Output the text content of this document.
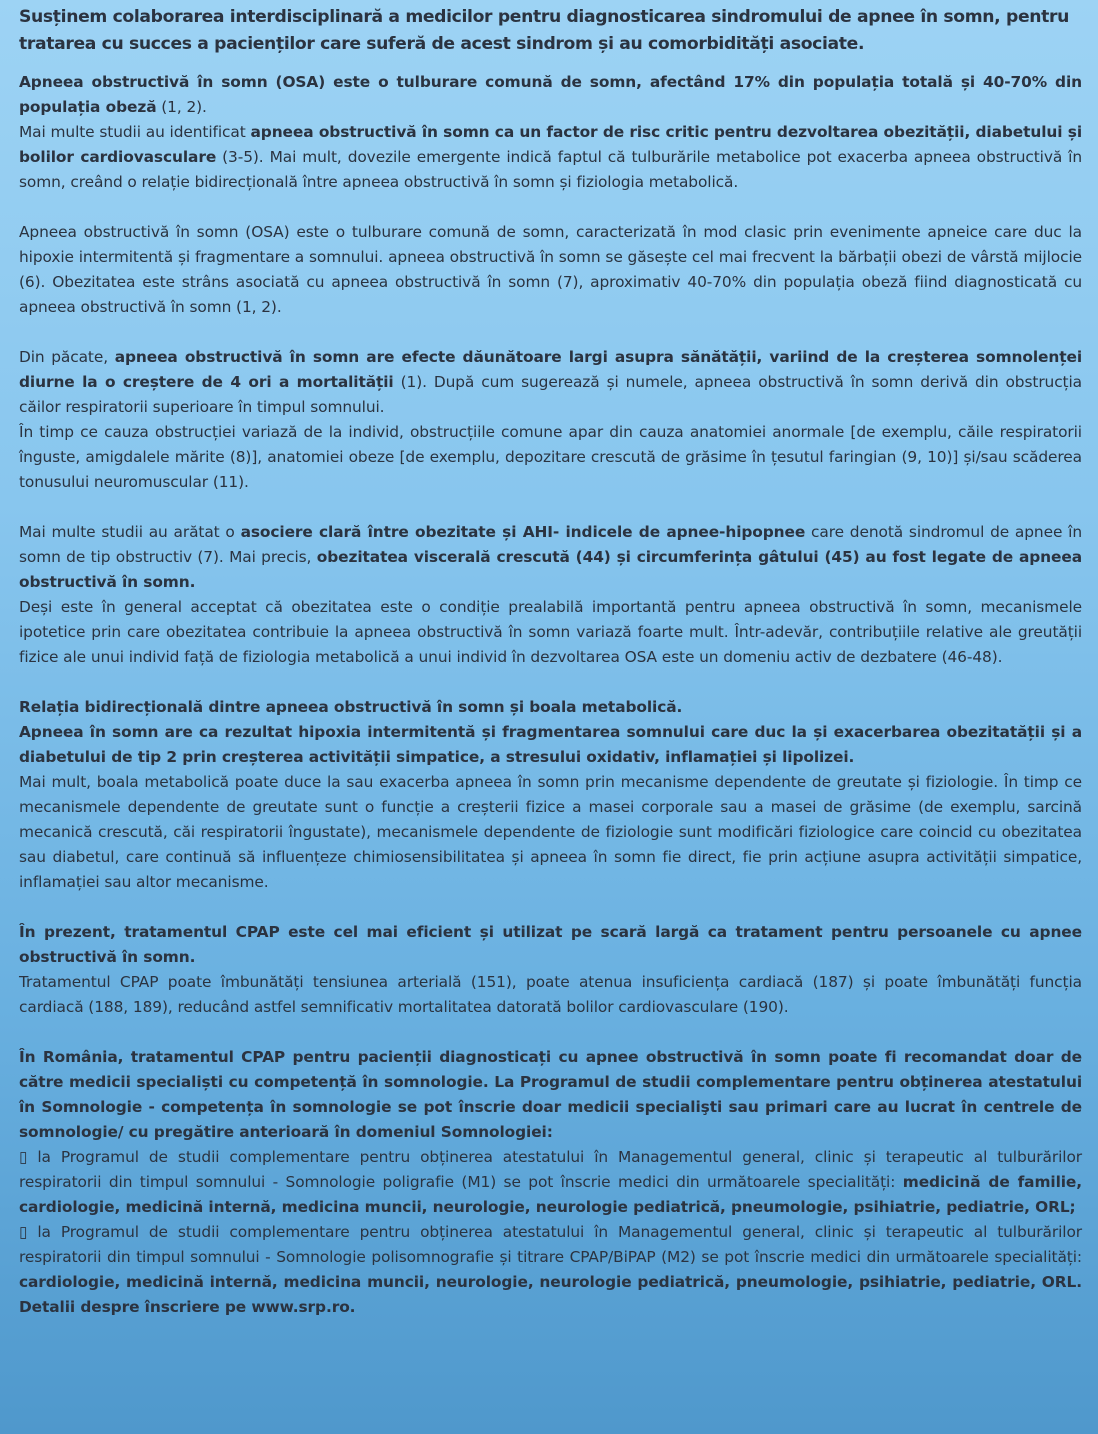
Susținem colaborarea interdisciplinară a medicilor pentru diagnosticarea sindromului de apnee în somn, pentru tratarea cu succes a pacienților care suferă de acest sindrom și au comorbidități asociate.

Apneea obstructivă în somn (OSA) este o tulburare comună de somn, afectând 17% din populația totală și 40-70% din populația obeză (1, 2).
Mai multe studii au identificat apneea obstructivă în somn ca un factor de risc critic pentru dezvoltarea obezității, diabetului și bolilor cardiovasculare (3-5). Mai mult, dovezile emergente indică faptul că tulburările metabolice pot exacerba apneea obstructivă în somn, creând o relație bidirecțională între apneea obstructivă în somn și fiziologia metabolică.

Apneea obstructivă în somn (OSA) este o tulburare comună de somn, caracterizată în mod clasic prin evenimente apneice care duc la hipoxie intermitentă și fragmentare a somnului. apneea obstructivă în somn se găsește cel mai frecvent la bărbații obezi de vârstă mijlocie (6). Obezitatea este strâns asociată cu apneea obstructivă în somn (7), aproximativ 40-70% din populația obeză fiind diagnosticată cu apneea obstructivă în somn (1, 2).

Din păcate, apneea obstructivă în somn are efecte dăunătoare largi asupra sănătății, variind de la creșterea somnolenței diurne la o creștere de 4 ori a mortalității (1). După cum sugerează și numele, apneea obstructivă în somn derivă din obstrucția căilor respiratorii superioare în timpul somnului.
În timp ce cauza obstrucției variază de la individ, obstrucțiile comune apar din cauza anatomiei anormale [de exemplu, căile respiratorii înguste, amigdalele mărite (8)], anatomiei obeze [de exemplu, depozitare crescută de grăsime în țesutul faringian (9, 10)] și/sau scăderea tonusului neuromuscular (11).

Mai multe studii au arătat o asociere clară între obezitate și AHI- indicele de apnee-hipopnee care denotă sindromul de apnee în somn de tip obstructiv (7). Mai precis, obezitatea viscerală crescută (44) și circumferința gâtului (45) au fost legate de apneea obstructivă în somn.
Deși este în general acceptat că obezitatea este o condiție prealabilă importantă pentru apneea obstructivă în somn, mecanismele ipotetice prin care obezitatea contribuie la apneea obstructivă în somn variază foarte mult. Într-adevăr, contribuțiile relative ale greutății fizice ale unui individ față de fiziologia metabolică a unui individ în dezvoltarea OSA este un domeniu activ de dezbatere (46-48).

Relația bidirecțională dintre apneea obstructivă în somn și boala metabolică.
Apneea în somn are ca rezultat hipoxia intermitentă și fragmentarea somnului care duc la și exacerbarea obezitatății și a diabetului de tip 2 prin creșterea activității simpatice, a stresului oxidativ, inflamației și lipolizei.
Mai mult, boala metabolică poate duce la sau exacerba apneea în somn prin mecanisme dependente de greutate și fiziologie. În timp ce mecanismele dependente de greutate sunt o funcție a creșterii fizice a masei corporale sau a masei de grăsime (de exemplu, sarcină mecanică crescută, căi respiratorii îngustate), mecanismele dependente de fiziologie sunt modificări fiziologice care coincid cu obezitatea sau diabetul, care continuă să influențeze chimiosensibilitatea și apneea în somn fie direct, fie prin acțiune asupra activității simpatice, inflamației sau altor mecanisme.

În prezent, tratamentul CPAP este cel mai eficient și utilizat pe scară largă ca tratament pentru persoanele cu apnee obstructivă în somn.
Tratamentul CPAP poate îmbunătăți tensiunea arterială (151), poate atenua insuficiența cardiacă (187) și poate îmbunătăți funcția cardiacă (188, 189), reducând astfel semnificativ mortalitatea datorată bolilor cardiovasculare (190).

În România, tratamentul CPAP pentru pacienții diagnosticați cu apnee obstructivă în somn poate fi recomandat doar de către medicii specialiști cu competență în somnologie. La Programul de studii complementare pentru obținerea atestatului în Somnologie - competența în somnologie se pot înscrie doar medicii specialişti sau primari care au lucrat în centrele de somnologie/ cu pregătire anterioară în domeniul Somnologiei:
▯ la Programul de studii complementare pentru obținerea atestatului în Managementul general, clinic și terapeutic al tulburărilor respiratorii din timpul somnului - Somnologie poligrafie (M1) se pot înscrie medici din următoarele specialități: medicină de familie, cardiologie, medicină internă, medicina muncii, neurologie, neurologie pediatrică, pneumologie, psihiatrie, pediatrie, ORL;
▯ la Programul de studii complementare pentru obținerea atestatului în Managementul general, clinic și terapeutic al tulburărilor respiratorii din timpul somnului - Somnologie polisomnografie și titrare CPAP/BiPAP (M2) se pot înscrie medici din următoarele specialități: cardiologie, medicină internă, medicina muncii, neurologie, neurologie pediatrică, pneumologie, psihiatrie, pediatrie, ORL. Detalii despre înscriere pe www.srp.ro.
